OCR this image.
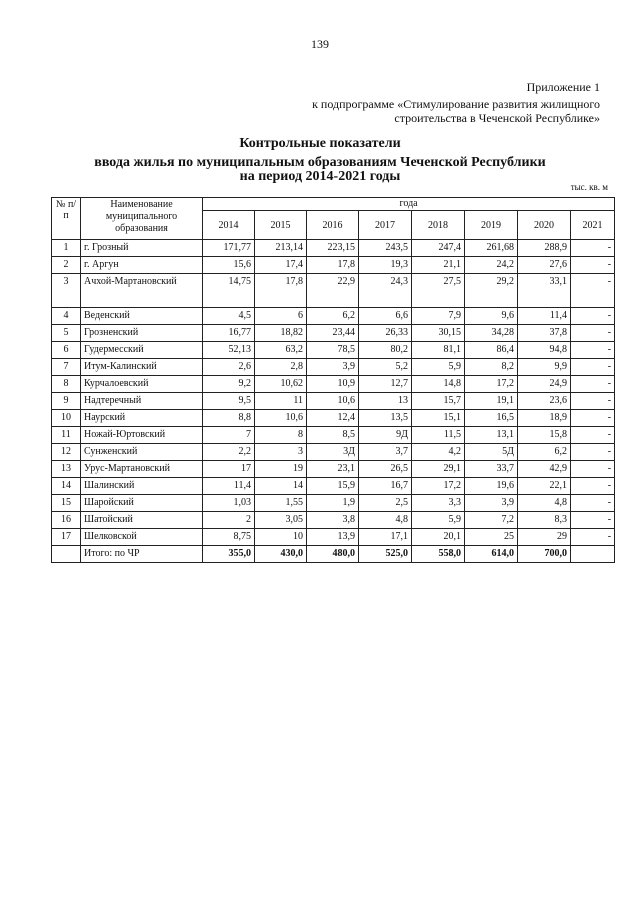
139
Приложение 1
к подпрограмме «Стимулирование развития жилищного
строительства в Чеченской Республике»
Контрольные показатели
ввода жилья по муниципальным образованиям Чеченской Республики
на период 2014-2021 годы
тыс. кв. м
№ п/п	Наименование муниципального образования	года							
		2014	2015	2016	2017	2018	2019	2020	2021
1	г. Грозный	171,77	213,14	223,15	243,5	247,4	261,68	288,9	-
2	г. Аргун	15,6	17,4	17,8	19,3	21,1	24,2	27,6	-
3	Ачхой-Мартановский	14,75	17,8	22,9	24,3	27,5	29,2	33,1	-
4	Веденский	4,5	6	6,2	6,6	7,9	9,6	11,4	-
5	Грозненский	16,77	18,82	23,44	26,33	30,15	34,28	37,8	-
6	Гудермесский	52,13	63,2	78,5	80,2	81,1	86,4	94,8	-
7	Итум-Калинский	2,6	2,8	3,9	5,2	5,9	8,2	9,9	-
8	Курчалоевский	9,2	10,62	10,9	12,7	14,8	17,2	24,9	-
9	Надтеречный	9,5	11	10,6	13	15,7	19,1	23,6	-
10	Наурский	8,8	10,6	12,4	13,5	15,1	16,5	18,9	-
11	Ножай-Юртовский	7	8	8,5	9Д	11,5	13,1	15,8	-
12	Сунженский	2,2	3	3Д	3,7	4,2	5Д	6,2	-
13	Урус-Мартановский	17	19	23,1	26,5	29,1	33,7	42,9	-
14	Шалинский	11,4	14	15,9	16,7	17,2	19,6	22,1	-
15	Шаройский	1,03	1,55	1,9	2,5	3,3	3,9	4,8	-
16	Шатойский	2	3,05	3,8	4,8	5,9	7,2	8,3	-
17	Шелковской	8,75	10	13,9	17,1	20,1	25	29	-
	Итого: по ЧР	355,0	430,0	480,0	525,0	558,0	614,0	700,0	
